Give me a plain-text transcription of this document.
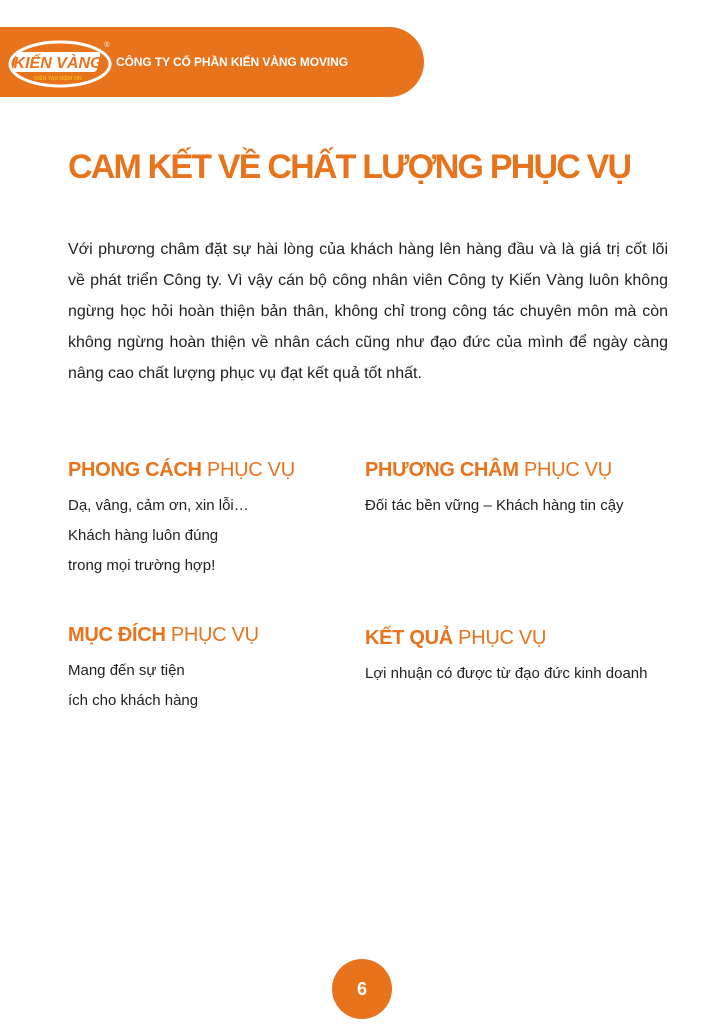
KIẾN VÀNG
KIẾN TẠO NIỀM TIN
®
CÔNG TY CỔ PHẦN KIẾN VÀNG MOVING
CAM KẾT VỀ CHẤT LƯỢNG PHỤC VỤ

Với phương châm đặt sự hài lòng của khách hàng lên hàng đầu và là giá trị cốt lõi về phát triển Công ty. Vì vậy cán bộ công nhân viên Công ty Kiến Vàng luôn không ngừng học hỏi hoàn thiện bản thân, không chỉ trong công tác chuyên môn mà còn không ngừng hoàn thiện về nhân cách cũng như đạo đức của mình để ngày càng nâng cao chất lượng phục vụ đạt kết quả tốt nhất.

PHONG CÁCH PHỤC VỤ
Dạ, vâng, cảm ơn, xin lỗi…
Khách hàng luôn đúng
trong mọi trường hợp!
PHƯƠNG CHÂM PHỤC VỤ
Đối tác bền vững – Khách hàng tin cậy
MỤC ĐÍCH PHỤC VỤ
Mang đến sự tiện
ích cho khách hàng
KẾT QUẢ PHỤC VỤ
Lợi nhuận có được từ đạo đức kinh doanh
6
